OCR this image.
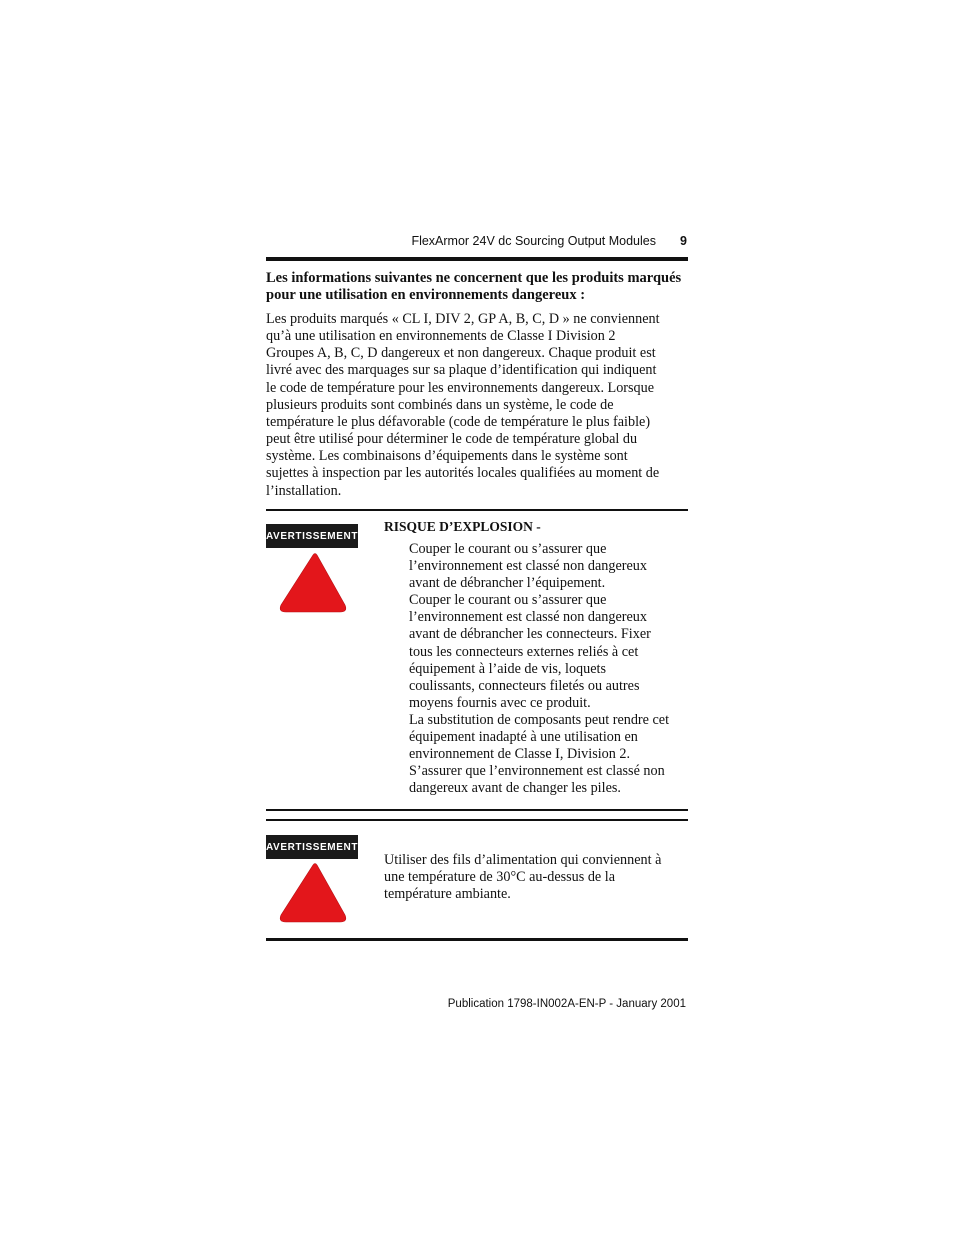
FlexArmor 24V dc Sourcing Output Modules 9
Les informations suivantes ne concernent que les produits marqués pour une utilisation en environnements dangereux :
Les produits marqués « CL I, DIV 2, GP A, B, C, D » ne conviennent
qu’à une utilisation en environnements de Classe I Division 2
Groupes A, B, C, D dangereux et non dangereux. Chaque produit est
livré avec des marquages sur sa plaque d’identification qui indiquent
le code de température pour les environnements dangereux. Lorsque
plusieurs produits sont combinés dans un système, le code de
température le plus défavorable (code de température le plus faible)
peut être utilisé pour déterminer le code de température global du
système. Les combinaisons d’équipements dans le système sont
sujettes à inspection par les autorités locales qualifiées au moment de
l’installation.
AVERTISSEMENT
RISQUE D’EXPLOSION -
Couper le courant ou s’assurer que
l’environnement est classé non dangereux
avant de débrancher l’équipement.
Couper le courant ou s’assurer que
l’environnement est classé non dangereux
avant de débrancher les connecteurs. Fixer
tous les connecteurs externes reliés à cet
équipement à l’aide de vis, loquets
coulissants, connecteurs filetés ou autres
moyens fournis avec ce produit.
La substitution de composants peut rendre cet
équipement inadapté à une utilisation en
environnement de Classe I, Division 2.
S’assurer que l’environnement est classé non
dangereux avant de changer les piles.
AVERTISSEMENT
Utiliser des fils d’alimentation qui conviennent à
une température de 30°C au-dessus de la
température ambiante.
Publication 1798-IN002A-EN-P - January 2001
